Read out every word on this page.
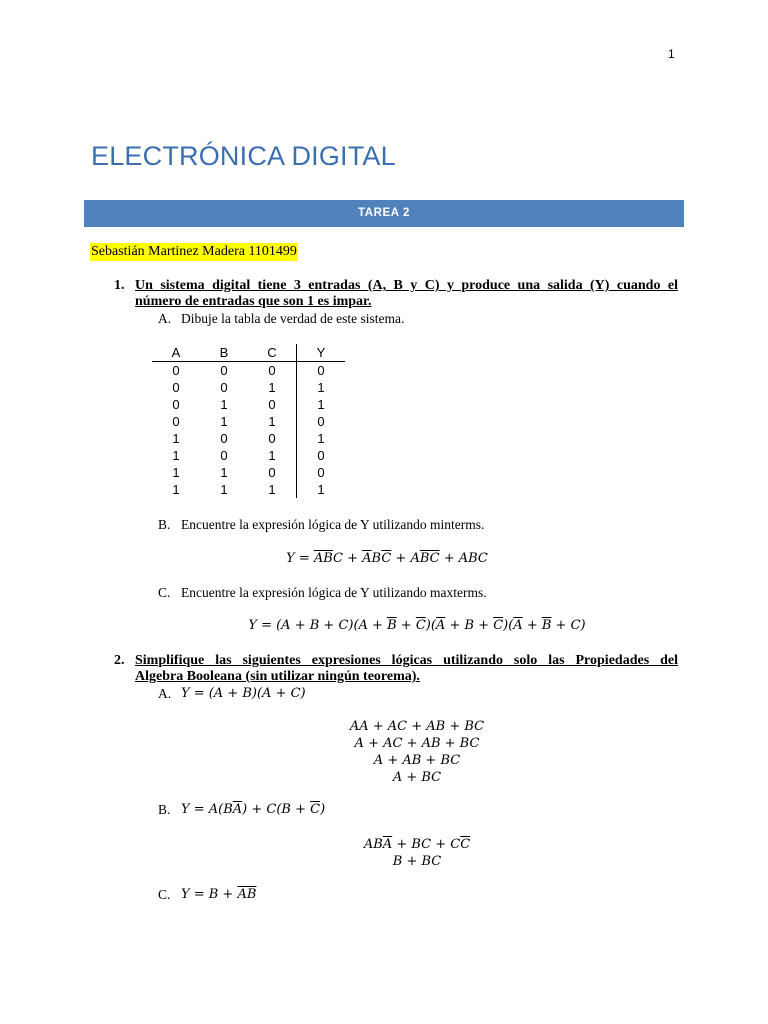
1
ELECTRÓNICA DIGITAL
TAREA 2
Sebastián Martinez Madera 1101499
1. Un sistema digital tiene 3 entradas (A, B y C) y produce una salida (Y) cuando el
número de entradas que son 1 es impar.
A. Dibuje la tabla de verdad de este sistema.
A	B	C	Y
0	0	0	0
0	0	1	1
0	1	0	1
0	1	1	0
1	0	0	1
1	0	1	0
1	1	0	0
1	1	1	1
B. Encuentre la expresión lógica de Y utilizando minterms.
$Y = \overline{A}\overline{B}C + \overline{A}B\overline{C} + A\overline{B}\overline{C}$ + ABC
C. Encuentre la expresión lógica de Y utilizando maxterms.
$Y = (A + B + C)(A + \overline{B} + \overline{C})(\overline{A} + B + \overline{C})(\overline{A} + \overline{B} + C)$
2. Simplifique las siguientes expresiones lógicas utilizando solo las Propiedades del
Algebra Booleana (sin utilizar ningún teorema).
A. Y = (A + B)(A + C)
AA + AC + AB + BC
A + AC + AB + BC
A + AB + BC
A + BC
B. $Y = A(B\overline{A}) + C(B + \overline{C})$
$AB\overline{A}$ + BC + $C\overline{C}$
B + BC
C. $Y = B + \overline{A}\overline{B}$
